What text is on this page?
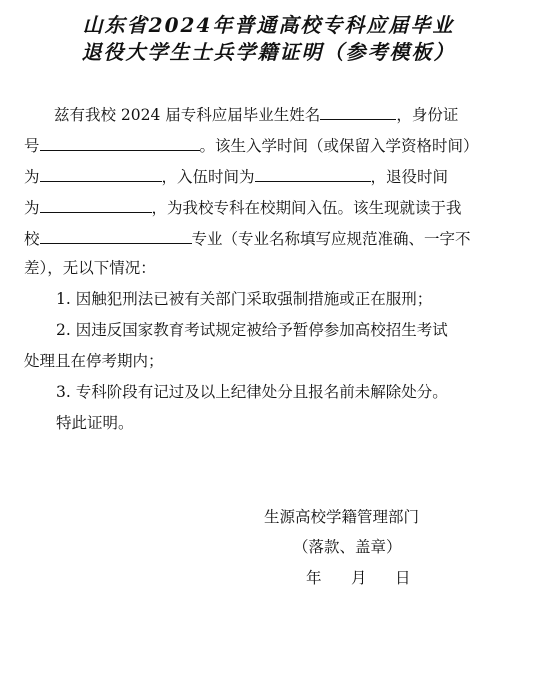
山东省2024年普通高校专科应届毕业
退役大学生士兵学籍证明（参考模板）
兹有我校 2024 届专科应届毕业生姓名	，身份证
号	。该生入学时间（或保留入学资格时间）
为	，入伍时间为	，退役时间
为	，为我校专科在校期间入伍。该生现就读于我
校	专业（专业名称填写应规范准确、一字不
差），无以下情况：
1. 因触犯刑法已被有关部门采取强制措施或正在服刑；
2. 因违反国家教育考试规定被给予暂停参加高校招生考试
处理且在停考期内；
3. 专科阶段有记过及以上纪律处分且报名前未解除处分。
特此证明。
生源高校学籍管理部门
（落款、盖章）
年 月 日
